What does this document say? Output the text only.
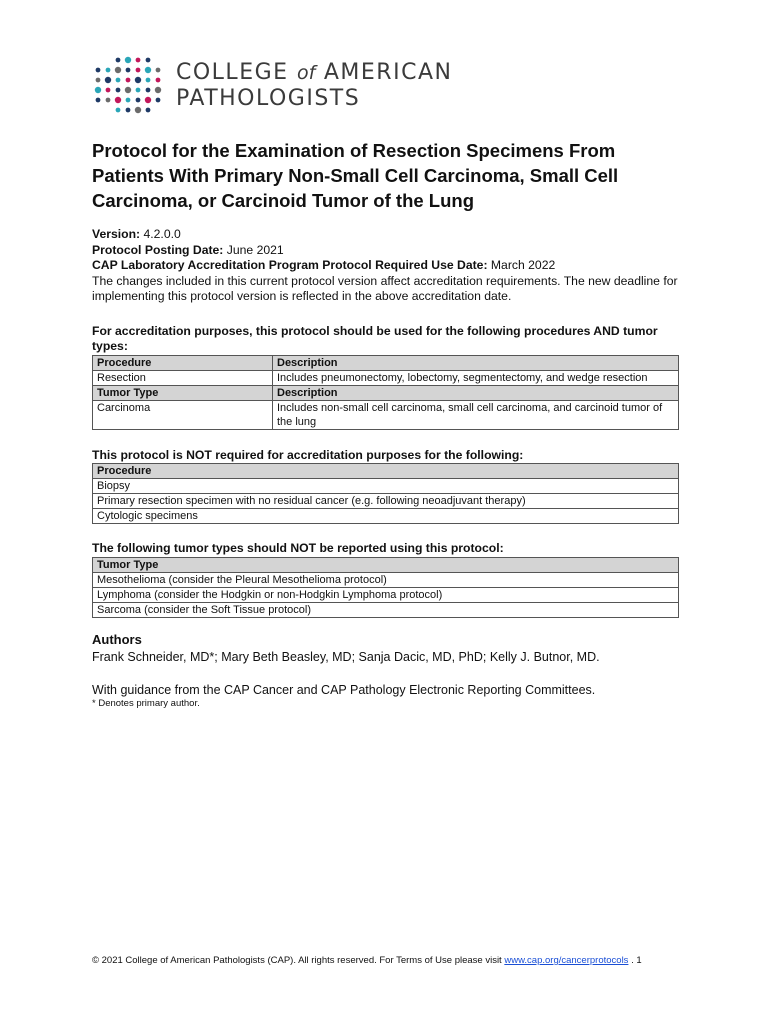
COLLEGE of AMERICAN
PATHOLOGISTS
Protocol for the Examination of Resection Specimens From Patients With Primary Non-Small Cell Carcinoma, Small Cell Carcinoma, or Carcinoid Tumor of the Lung
Version: 4.2.0.0
Protocol Posting Date: June 2021
CAP Laboratory Accreditation Program Protocol Required Use Date: March 2022
The changes included in this current protocol version affect accreditation requirements. The new deadline for implementing this protocol version is reflected in the above accreditation date.
For accreditation purposes, this protocol should be used for the following procedures AND tumor types:
Procedure	Description
Resection	Includes pneumonectomy, lobectomy, segmentectomy, and wedge resection
Tumor Type	Description
Carcinoma	Includes non-small cell carcinoma, small cell carcinoma, and carcinoid tumor of the lung
This protocol is NOT required for accreditation purposes for the following:
Procedure
Biopsy
Primary resection specimen with no residual cancer (e.g. following neoadjuvant therapy)
Cytologic specimens
The following tumor types should NOT be reported using this protocol:
Tumor Type
Mesothelioma (consider the Pleural Mesothelioma protocol)
Lymphoma (consider the Hodgkin or non-Hodgkin Lymphoma protocol)
Sarcoma (consider the Soft Tissue protocol)
Authors
Frank Schneider, MD*; Mary Beth Beasley, MD; Sanja Dacic, MD, PhD; Kelly J. Butnor, MD.
With guidance from the CAP Cancer and CAP Pathology Electronic Reporting Committees.
* Denotes primary author.
© 2021 College of American Pathologists (CAP). All rights reserved. For Terms of Use please visit www.cap.org/cancerprotocols . 1
